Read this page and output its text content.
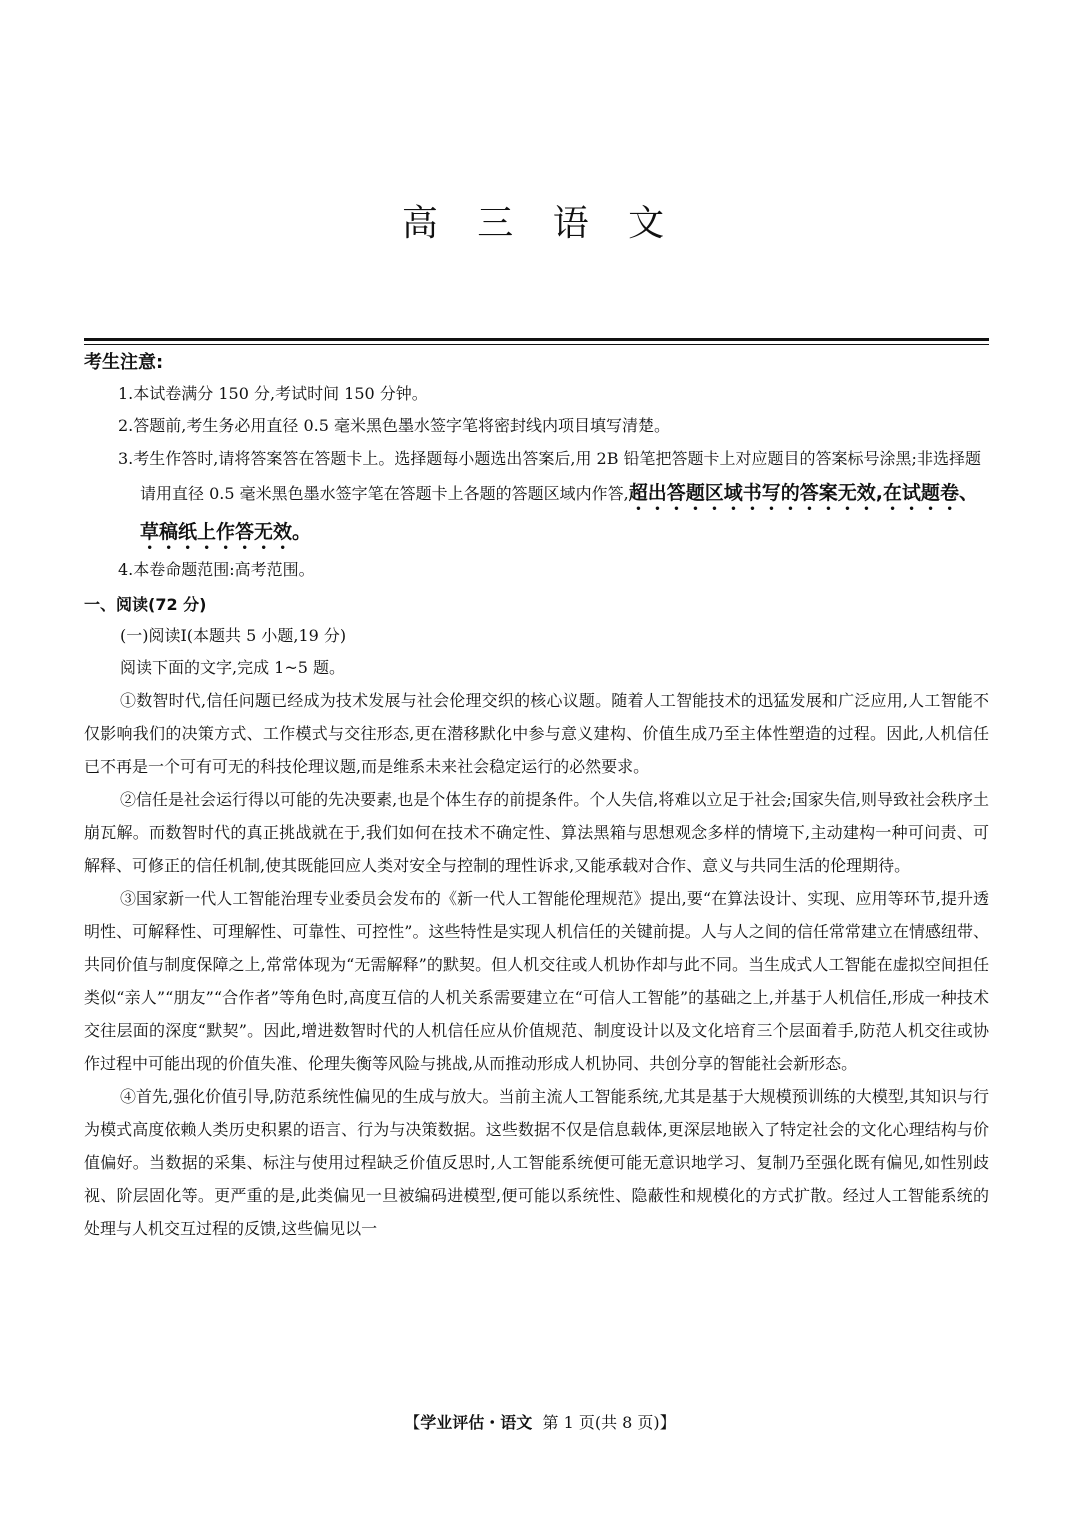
高 三 语 文
考生注意:
1.本试卷满分 150 分,考试时间 150 分钟。
2.答题前,考生务必用直径 0.5 毫米黑色墨水签字笔将密封线内项目填写清楚。
3.考生作答时,请将答案答在答题卡上。选择题每小题选出答案后,用 2B 铅笔把答题卡上对应题目的答案标号涂黑;非选择题请用直径 0.5 毫米黑色墨水签字笔在答题卡上各题的答题区域内作答,超出答题区域书写的答案无效,在试题卷、草稿纸上作答无效。
4.本卷命题范围:高考范围。
一、阅读(72 分)
(一)阅读Ⅰ(本题共 5 小题,19 分)
阅读下面的文字,完成 1~5 题。

①数智时代,信任问题已经成为技术发展与社会伦理交织的核心议题。随着人工智能技术的迅猛发展和广泛应用,人工智能不仅影响我们的决策方式、工作模式与交往形态,更在潜移默化中参与意义建构、价值生成乃至主体性塑造的过程。因此,人机信任已不再是一个可有可无的科技伦理议题,而是维系未来社会稳定运行的必然要求。

②信任是社会运行得以可能的先决要素,也是个体生存的前提条件。个人失信,将难以立足于社会;国家失信,则导致社会秩序土崩瓦解。而数智时代的真正挑战就在于,我们如何在技术不确定性、算法黑箱与思想观念多样的情境下,主动建构一种可问责、可解释、可修正的信任机制,使其既能回应人类对安全与控制的理性诉求,又能承载对合作、意义与共同生活的伦理期待。

③国家新一代人工智能治理专业委员会发布的《新一代人工智能伦理规范》提出,要“在算法设计、实现、应用等环节,提升透明性、可解释性、可理解性、可靠性、可控性”。这些特性是实现人机信任的关键前提。人与人之间的信任常常建立在情感纽带、共同价值与制度保障之上,常常体现为“无需解释”的默契。但人机交往或人机协作却与此不同。当生成式人工智能在虚拟空间担任类似“亲人”“朋友”“合作者”等角色时,高度互信的人机关系需要建立在“可信人工智能”的基础之上,并基于人机信任,形成一种技术交往层面的深度“默契”。因此,增进数智时代的人机信任应从价值规范、制度设计以及文化培育三个层面着手,防范人机交往或协作过程中可能出现的价值失准、伦理失衡等风险与挑战,从而推动形成人机协同、共创分享的智能社会新形态。

④首先,强化价值引导,防范系统性偏见的生成与放大。当前主流人工智能系统,尤其是基于大规模预训练的大模型,其知识与行为模式高度依赖人类历史积累的语言、行为与决策数据。这些数据不仅是信息载体,更深层地嵌入了特定社会的文化心理结构与价值偏好。当数据的采集、标注与使用过程缺乏价值反思时,人工智能系统便可能无意识地学习、复制乃至强化既有偏见,如性别歧视、阶层固化等。更严重的是,此类偏见一旦被编码进模型,便可能以系统性、隐蔽性和规模化的方式扩散。经过人工智能系统的处理与人机交互过程的反馈,这些偏见以一

【学业评估・语文 第 1 页(共 8 页)】
